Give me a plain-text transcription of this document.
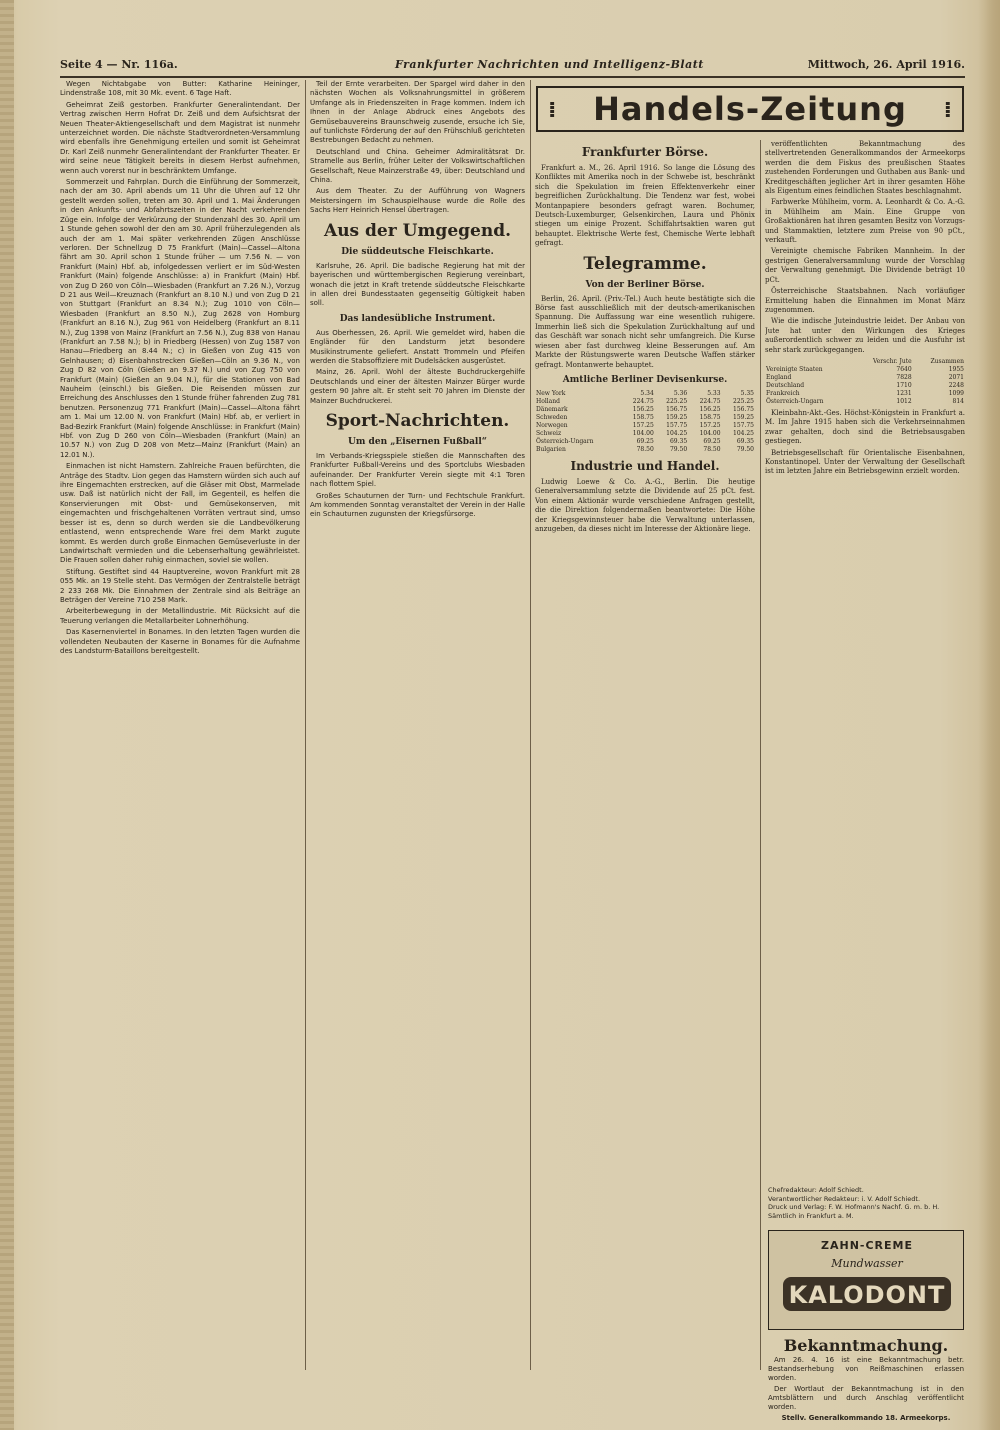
Seite 4 — Nr. 116a.	Frankfurter Nachrichten und Intelligenz-Blatt	Mittwoch, 26. April 1916.

Wegen Nichtabgabe von Butter: Katharine Heininger, Lindenstraße 108, mit 30 Mk. event. 6 Tage Haft.

Geheimrat Zeiß gestorben. Frankfurter Generalintendant. Der Vertrag zwischen Herrn Hofrat Dr. Zeiß und dem Aufsichtsrat der Neuen Theater-Aktiengesellschaft und dem Magistrat ist nunmehr unterzeichnet worden. Die nächste Stadtverordneten-Versammlung wird ebenfalls ihre Genehmigung erteilen und somit ist Geheimrat Dr. Karl Zeiß nunmehr Generalintendant der Frankfurter Theater. Er wird seine neue Tätigkeit bereits in diesem Herbst aufnehmen, wenn auch vorerst nur in beschränktem Umfange.

Sommerzeit und Fahrplan. Durch die Einführung der Sommerzeit, nach der am 30. April abends um 11 Uhr die Uhren auf 12 Uhr gestellt werden sollen, treten am 30. April und 1. Mai Änderungen in den Ankunfts- und Abfahrtszeiten in der Nacht verkehrenden Züge ein. Infolge der Verkürzung der Stundenzahl des 30. April um 1 Stunde gehen sowohl der den am 30. April früherzulegenden als auch der am 1. Mai später verkehrenden Zügen Anschlüsse verloren. Der Schnellzug D 75 Frankfurt (Main)—Cassel—Altona fährt am 30. April schon 1 Stunde früher — um 7.56 N. — von Frankfurt (Main) Hbf. ab, infolgedessen verliert er im Süd-Westen Frankfurt (Main) folgende Anschlüsse: a) in Frankfurt (Main) Hbf. von Zug D 260 von Cöln—Wiesbaden (Frankfurt an 7.26 N.), Vorzug D 21 aus Weil—Kreuznach (Frankfurt an 8.10 N.) und von Zug D 21 von Stuttgart (Frankfurt an 8.34 N.); Zug 1010 von Cöln—Wiesbaden (Frankfurt an 8.50 N.), Zug 2628 von Homburg (Frankfurt an 8.16 N.), Zug 961 von Heidelberg (Frankfurt an 8.11 N.), Zug 1398 von Mainz (Frankfurt an 7.56 N.), Zug 838 von Hanau (Frankfurt an 7.58 N.); b) in Friedberg (Hessen) von Zug 1587 von Hanau—Friedberg an 8.44 N.; c) in Gießen von Zug 415 von Gelnhausen; d) Eisenbahnstrecken Gießen—Cöln an 9.36 N., von Zug D 82 von Cöln (Gießen an 9.37 N.) und von Zug 750 von Frankfurt (Main) (Gießen an 9.04 N.), für die Stationen von Bad Nauheim (einschl.) bis Gießen. Die Reisenden müssen zur Erreichung des Anschlusses den 1 Stunde früher fahrenden Zug 781 benutzen. Personenzug 771 Frankfurt (Main)—Cassel—Altona fährt am 1. Mai um 12.00 N. von Frankfurt (Main) Hbf. ab, er verliert in Bad-Bezirk Frankfurt (Main) folgende Anschlüsse: in Frankfurt (Main) Hbf. von Zug D 260 von Cöln—Wiesbaden (Frankfurt (Main) an 10.57 N.) von Zug D 208 von Metz—Mainz (Frankfurt (Main) an 12.01 N.).

Einmachen ist nicht Hamstern. Zahlreiche Frauen befürchten, die Anträge des Stadtv. Lion gegen das Hamstern würden sich auch auf ihre Eingemachten erstrecken, auf die Gläser mit Obst, Marmelade usw. Daß ist natürlich nicht der Fall, im Gegenteil, es helfen die Konservierungen mit Obst- und Gemüsekonserven, mit eingemachten und frischgehaltenen Vorräten vertraut sind, umso besser ist es, denn so durch werden sie die Landbevölkerung entlastend, wenn entsprechende Ware frei dem Markt zugute kommt. Es werden durch große Einmachen Gemüseverluste in der Landwirtschaft vermieden und die Lebenserhaltung gewährleistet. Die Frauen sollen daher ruhig einmachen, soviel sie wollen.

Stiftung. Gestiftet sind 44 Hauptvereine, wovon Frankfurt mit 28 055 Mk. an 19 Stelle steht. Das Vermögen der Zentralstelle beträgt 2 233 268 Mk. Die Einnahmen der Zentrale sind als Beiträge an Beträgen der Vereine 710 258 Mark.

Arbeiterbewegung in der Metallindustrie. Mit Rücksicht auf die Teuerung verlangen die Metallarbeiter Lohnerhöhung.

Das Kasernenviertel in Bonames. In den letzten Tagen wurden die vollendeten Neubauten der Kaserne in Bonames für die Aufnahme des Landsturm-Bataillons bereitgestellt.

Teil der Ernte verarbeiten. Der Spargel wird daher in den nächsten Wochen als Volksnahrungsmittel in größerem Umfange als in Friedenszeiten in Frage kommen. Indem ich Ihnen in der Anlage Abdruck eines Angebots des Gemüsebauvereins Braunschweig zusende, ersuche ich Sie, auf tunlichste Förderung der auf den Frühschluß gerichteten Bestrebungen Bedacht zu nehmen.

Deutschland und China. Geheimer Admiralitätsrat Dr. Stramelle aus Berlin, früher Leiter der Volkswirtschaftlichen Gesellschaft, Neue Mainzerstraße 49, über: Deutschland und China.

Aus dem Theater. Zu der Aufführung von Wagners Meistersingern im Schauspielhause wurde die Rolle des Sachs Herr Heinrich Hensel übertragen.

Aus der Umgegend.
Die süddeutsche Fleischkarte.

Karlsruhe, 26. April. Die badische Regierung hat mit der bayerischen und württembergischen Regierung vereinbart, wonach die jetzt in Kraft tretende süddeutsche Fleischkarte in allen drei Bundesstaaten gegenseitig Gültigkeit haben soll.

Das landesübliche Instrument.

Aus Oberhessen, 26. April. Wie gemeldet wird, haben die Engländer für den Landsturm jetzt besondere Musikinstrumente geliefert. Anstatt Trommeln und Pfeifen werden die Stabsoffiziere mit Dudelsäcken ausgerüstet.

Mainz, 26. April. Wohl der älteste Buchdruckergehilfe Deutschlands und einer der ältesten Mainzer Bürger wurde gestern 90 Jahre alt. Er steht seit 70 Jahren im Dienste der Mainzer Buchdruckerei.

Sport-Nachrichten.
Um den „Eisernen Fußball“

Im Verbands-Kriegsspiele stießen die Mannschaften des Frankfurter Fußball-Vereins und des Sportclubs Wiesbaden aufeinander. Der Frankfurter Verein siegte mit 4:1 Toren nach flottem Spiel.

Großes Schauturnen der Turn- und Fechtschule Frankfurt. Am kommenden Sonntag veranstaltet der Verein in der Halle ein Schauturnen zugunsten der Kriegsfürsorge.

⁞ Handels-Zeitung ⁞
Frankfurter Börse.

Frankfurt a. M., 26. April 1916. So lange die Lösung des Konfliktes mit Amerika noch in der Schwebe ist, beschränkt sich die Spekulation im freien Effektenverkehr einer begreiflichen Zurückhaltung. Die Tendenz war fest, wobei Montanpapiere besonders gefragt waren. Bochumer, Deutsch-Luxemburger, Gelsenkirchen, Laura und Phönix stiegen um einige Prozent. Schiffahrtsaktien waren gut behauptet. Elektrische Werte fest, Chemische Werte lebhaft gefragt.

Telegramme.
Von der Berliner Börse.

Berlin, 26. April. (Priv.-Tel.) Auch heute bestätigte sich die Börse fast ausschließlich mit der deutsch-amerikanischen Spannung. Die Auffassung war eine wesentlich ruhigere. Immerhin ließ sich die Spekulation Zurückhaltung auf und das Geschäft war sonach nicht sehr umfangreich. Die Kurse wiesen aber fast durchweg kleine Besserungen auf. Am Markte der Rüstungswerte waren Deutsche Waffen stärker gefragt. Montanwerte behauptet.

Amtliche Berliner Devisenkurse.
New York	5.34	5.36	5.33	5.35
Holland	224.75	225.25	224.75	225.25
Dänemark	156.25	156.75	156.25	156.75
Schweden	158.75	159.25	158.75	159.25
Norwegen	157.25	157.75	157.25	157.75
Schweiz	104.00	104.25	104.00	104.25
Österreich-Ungarn	69.25	69.35	69.25	69.35
Bulgarien	78.50	79.50	78.50	79.50
Industrie und Handel.

Ludwig Loewe & Co. A.-G., Berlin. Die heutige Generalversammlung setzte die Dividende auf 25 pCt. fest. Von einem Aktionär wurde verschiedene Anfragen gestellt, die die Direktion folgendermaßen beantwortete: Die Höhe der Kriegsgewinnsteuer habe die Verwaltung unterlassen, anzugeben, da dieses nicht im Interesse der Aktionäre liege.

veröffentlichten Bekanntmachung des stellvertretenden Generalkommandos der Armeekorps werden die dem Fiskus des preußischen Staates zustehenden Forderungen und Guthaben aus Bank- und Kreditgeschäften jeglicher Art in ihrer gesamten Höhe als Eigentum eines feindlichen Staates beschlagnahmt.

Farbwerke Mühlheim, vorm. A. Leonhardt & Co. A.-G. in Mühlheim am Main. Eine Gruppe von Großaktionären hat ihren gesamten Besitz von Vorzugs- und Stammaktien, letztere zum Preise von 90 pCt., verkauft.

Vereinigte chemische Fabriken Mannheim. In der gestrigen Generalversammlung wurde der Vorschlag der Verwaltung genehmigt. Die Dividende beträgt 10 pCt.

Österreichische Staatsbahnen. Nach vorläufiger Ermittelung haben die Einnahmen im Monat März zugenommen.

Wie die indische Juteindustrie leidet. Der Anbau von Jute hat unter den Wirkungen des Krieges außerordentlich schwer zu leiden und die Ausfuhr ist sehr stark zurückgegangen.

	Verschr. Jute	Zusammen
Vereinigte Staaten	7640	1955
England	7828	2071
Deutschland	1710	2248
Frankreich	1231	1099
Österreich-Ungarn	1012	814

Kleinbahn-Akt.-Ges. Höchst-Königstein in Frankfurt a. M. Im Jahre 1915 haben sich die Verkehrseinnahmen zwar gehalten, doch sind die Betriebsausgaben gestiegen.

Betriebsgesellschaft für Orientalische Eisenbahnen, Konstantinopel. Unter der Verwaltung der Gesellschaft ist im letzten Jahre ein Betriebsgewinn erzielt worden.

Chefredakteur: Adolf Schiedt.
Verantwortlicher Redakteur: i. V. Adolf Schiedt.
Druck und Verlag: F. W. Hofmann's Nachf. G. m. b. H. Sämtlich in Frankfurt a. M.
ZAHN-CREME
Mundwasser
KALODONT
Bekanntmachung.

Am 26. 4. 16 ist eine Bekanntmachung betr. Bestandserhebung von Reißmaschinen erlassen worden.

Der Wortlaut der Bekanntmachung ist in den Amtsblättern und durch Anschlag veröffentlicht worden.

Stellv. Generalkommando 18. Armeekorps.
